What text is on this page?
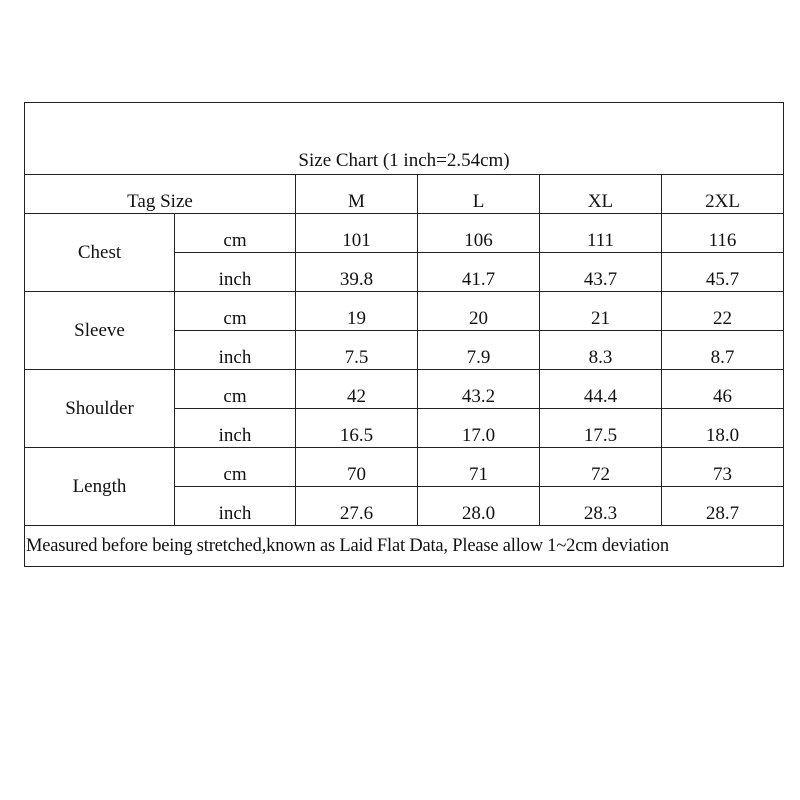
Size Chart (1 inch=2.54cm)					
Tag Size		M	L	XL	2XL
Chest	cm	101	106	111	116
	inch	39.8	41.7	43.7	45.7
Sleeve	cm	19	20	21	22
	inch	7.5	7.9	8.3	8.7
Shoulder	cm	42	43.2	44.4	46
	inch	16.5	17.0	17.5	18.0
Length	cm	70	71	72	73
	inch	27.6	28.0	28.3	28.7
Measured before being stretched,known as Laid Flat Data, Please allow 1~2cm deviation					
